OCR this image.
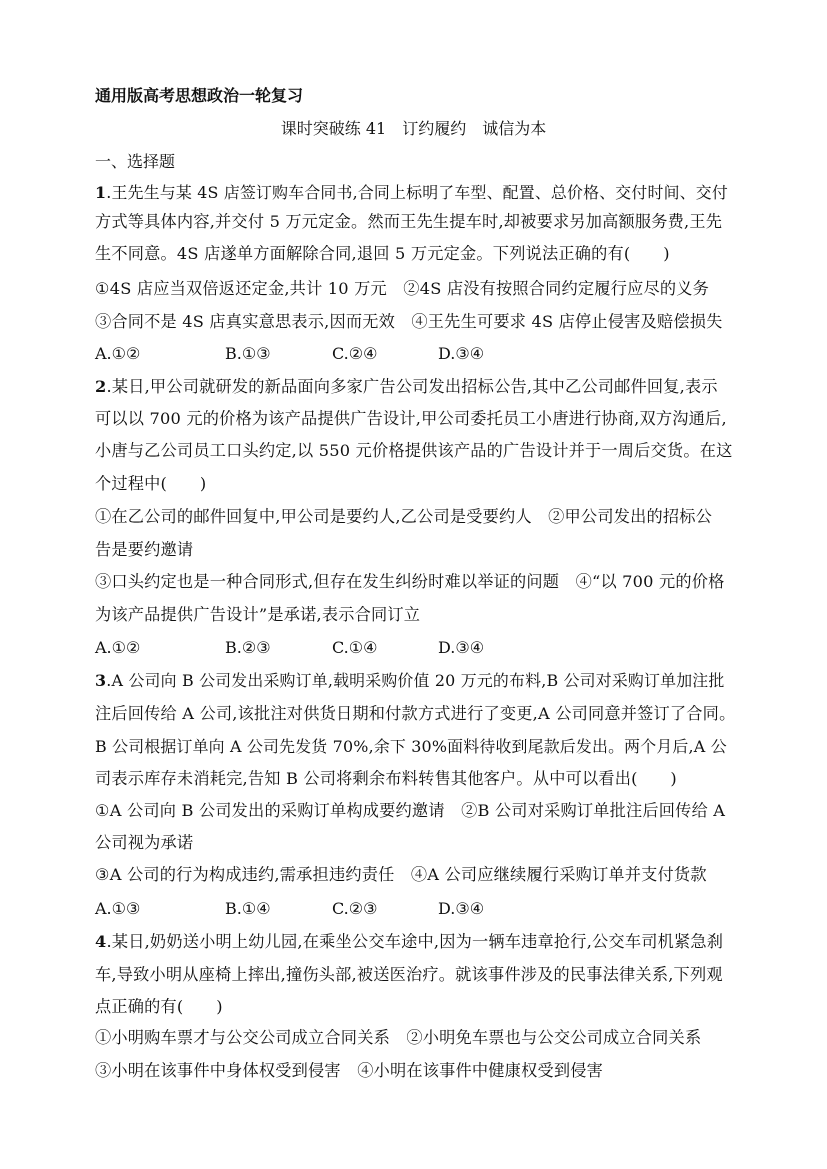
通用版高考思想政治一轮复习
课时突破练 41　订约履约　诚信为本
一、选择题
1.王先生与某 4S 店签订购车合同书,合同上标明了车型、配置、总价格、交付时间、交付
方式等具体内容,并交付 5 万元定金。然而王先生提车时,却被要求另加高额服务费,王先
生不同意。4S 店遂单方面解除合同,退回 5 万元定金。下列说法正确的有(　　)
①4S 店应当双倍返还定金,共计 10 万元　②4S 店没有按照合同约定履行应尽的义务
③合同不是 4S 店真实意思表示,因而无效　④王先生可要求 4S 店停止侵害及赔偿损失
A.①②	B.①③	C.②④	D.③④
2.某日,甲公司就研发的新品面向多家广告公司发出招标公告,其中乙公司邮件回复,表示
可以以 700 元的价格为该产品提供广告设计,甲公司委托员工小唐进行协商,双方沟通后,
小唐与乙公司员工口头约定,以 550 元价格提供该产品的广告设计并于一周后交货。在这
个过程中(　　)
①在乙公司的邮件回复中,甲公司是要约人,乙公司是受要约人　②甲公司发出的招标公
告是要约邀请
③口头约定也是一种合同形式,但存在发生纠纷时难以举证的问题　④“以 700 元的价格
为该产品提供广告设计”是承诺,表示合同订立
A.①②	B.②③	C.①④	D.③④
3.A 公司向 B 公司发出采购订单,载明采购价值 20 万元的布料,B 公司对采购订单加注批
注后回传给 A 公司,该批注对供货日期和付款方式进行了变更,A 公司同意并签订了合同。
B 公司根据订单向 A 公司先发货 70%,余下 30%面料待收到尾款后发出。两个月后,A 公
司表示库存未消耗完,告知 B 公司将剩余布料转售其他客户。从中可以看出(　　)
①A 公司向 B 公司发出的采购订单构成要约邀请　②B 公司对采购订单批注后回传给 A
公司视为承诺
③A 公司的行为构成违约,需承担违约责任　④A 公司应继续履行采购订单并支付货款
A.①③	B.①④	C.②③	D.③④
4.某日,奶奶送小明上幼儿园,在乘坐公交车途中,因为一辆车违章抢行,公交车司机紧急刹
车,导致小明从座椅上摔出,撞伤头部,被送医治疗。就该事件涉及的民事法律关系,下列观
点正确的有(　　)
①小明购车票才与公交公司成立合同关系　②小明免车票也与公交公司成立合同关系
③小明在该事件中身体权受到侵害　④小明在该事件中健康权受到侵害
